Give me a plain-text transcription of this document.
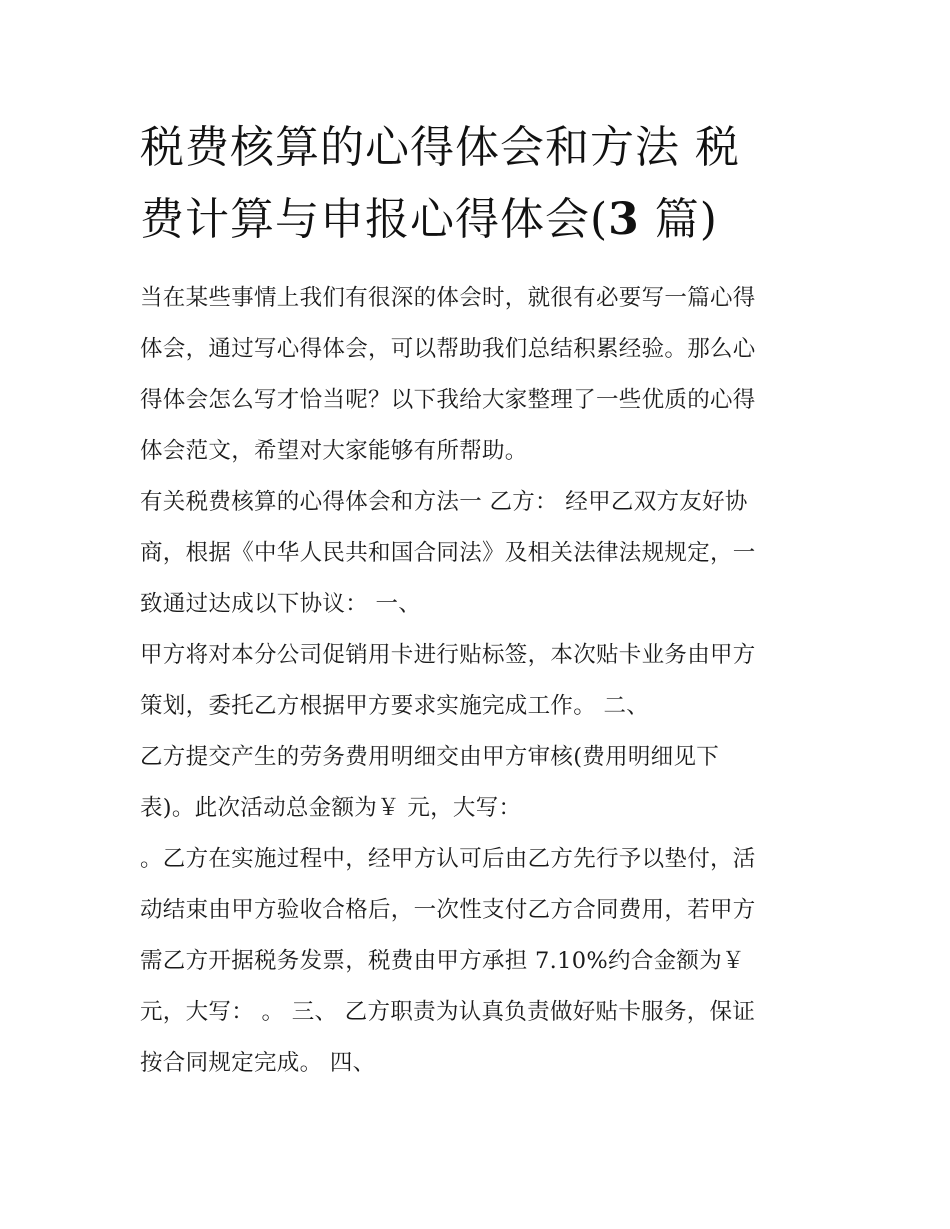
税费核算的心得体会和方法 税
费计算与申报心得体会(3 篇)

当在某些事情上我们有很深的体会时，就很有必要写一篇心得
体会，通过写心得体会，可以帮助我们总结积累经验。那么心
得体会怎么写才恰当呢？以下我给大家整理了一些优质的心得
体会范文，希望对大家能够有所帮助。

有关税费核算的心得体会和方法一 乙方： 经甲乙双方友好协
商，根据《中华人民共和国合同法》及相关法律法规规定，一
致通过达成以下协议： 一、

甲方将对本分公司促销用卡进行贴标签，本次贴卡业务由甲方
策划，委托乙方根据甲方要求实施完成工作。 二、

乙方提交产生的劳务费用明细交由甲方审核(费用明细见下
表)。此次活动总金额为￥ 元，大写：

。乙方在实施过程中，经甲方认可后由乙方先行予以垫付，活
动结束由甲方验收合格后，一次性支付乙方合同费用，若甲方
需乙方开据税务发票，税费由甲方承担 7.10%约合金额为￥
元，大写： 。 三、 乙方职责为认真负责做好贴卡服务，保证
按合同规定完成。 四、
